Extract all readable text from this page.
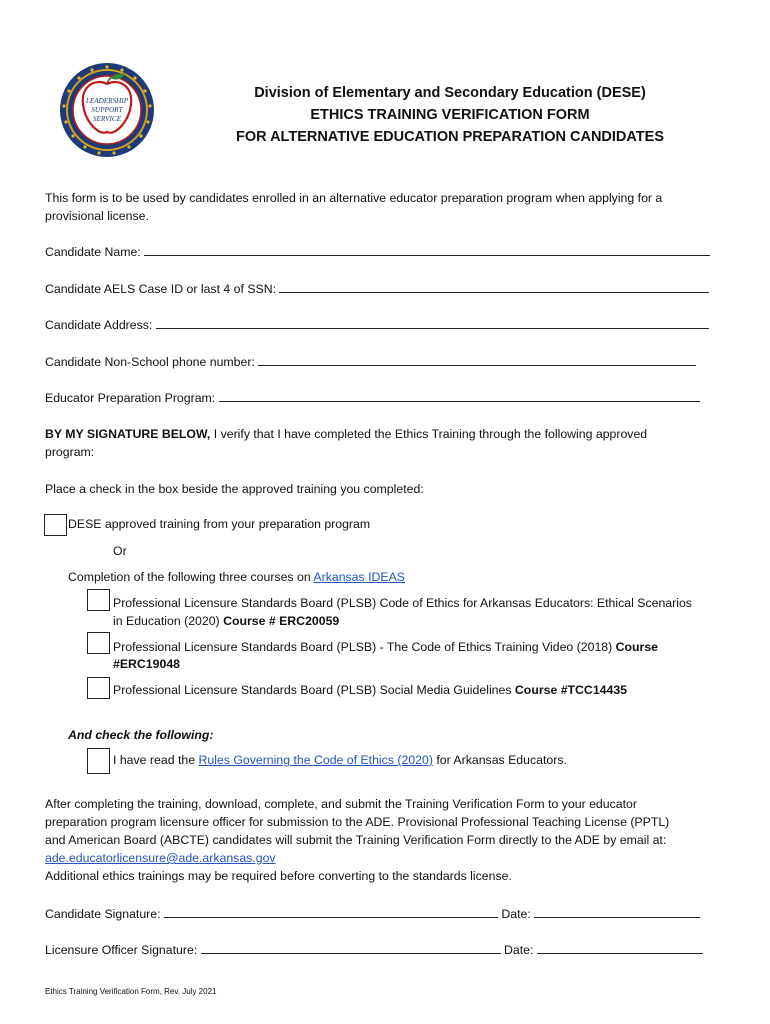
LEADERSHIP
SUPPORT
SERVICE
Division of Elementary and Secondary Education (DESE)
ETHICS TRAINING VERIFICATION FORM
FOR ALTERNATIVE EDUCATION PREPARATION CANDIDATES
This form is to be used by candidates enrolled in an alternative educator preparation program when applying for a
provisional license.
Candidate Name:
Candidate AELS Case ID or last 4 of SSN:
Candidate Address:
Candidate Non-School phone number:
Educator Preparation Program:
BY MY SIGNATURE BELOW, I verify that I have completed the Ethics Training through the following approved
program:
Place a check in the box beside the approved training you completed:
DESE approved training from your preparation program
Or
Completion of the following three courses on Arkansas IDEAS
Professional Licensure Standards Board (PLSB) Code of Ethics for Arkansas Educators: Ethical Scenarios
in Education (2020) Course # ERC20059
Professional Licensure Standards Board (PLSB) - The Code of Ethics Training Video (2018) Course
#ERC19048
Professional Licensure Standards Board (PLSB) Social Media Guidelines Course #TCC14435
And check the following:
I have read the Rules Governing the Code of Ethics (2020) for Arkansas Educators.
After completing the training, download, complete, and submit the Training Verification Form to your educator
preparation program licensure officer for submission to the ADE. Provisional Professional Teaching License (PPTL)
and American Board (ABCTE) candidates will submit the Training Verification Form directly to the ADE by email at:
ade.educatorlicensure@ade.arkansas.gov
Additional ethics trainings may be required before converting to the standards license.
Candidate Signature:	Date:
Licensure Officer Signature:	Date:
Ethics Training Verification Form, Rev. July 2021
